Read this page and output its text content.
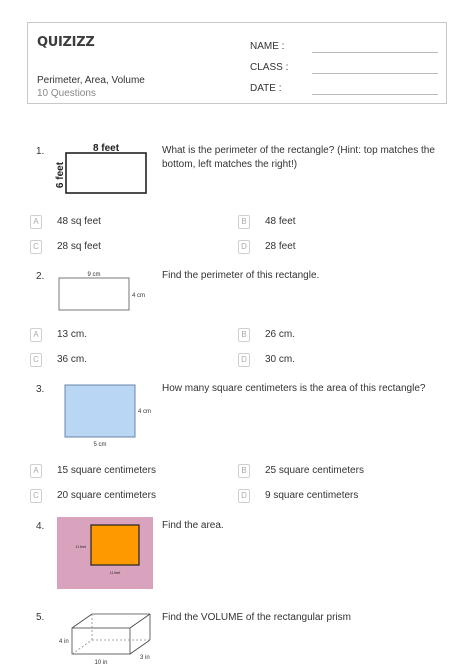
QUIZIZZ
Perimeter, Area, Volume
10 Questions
NAME :
CLASS :
DATE :
1.	8 feet
6 feet
What is the perimeter of the rectangle? (Hint: top matches the bottom, left matches the right!)
A	48 sq feet	B	48 feet
C	28 sq feet	D	28 feet
2.	9 cm
4 cm
Find the perimeter of this rectangle.
A	13 cm.	B	26 cm.
C	36 cm.	D	30 cm.
3.
4 cm
5 cm
How many square centimeters is the area of this rectangle?
A	15 square centimeters	B	25 square centimeters
C	20 square centimeters	D	9 square centimeters
4.
11 feet
11 feet
Find the area.
5.
4 in
10 in
3 in
Find the VOLUME of the rectangular prism
